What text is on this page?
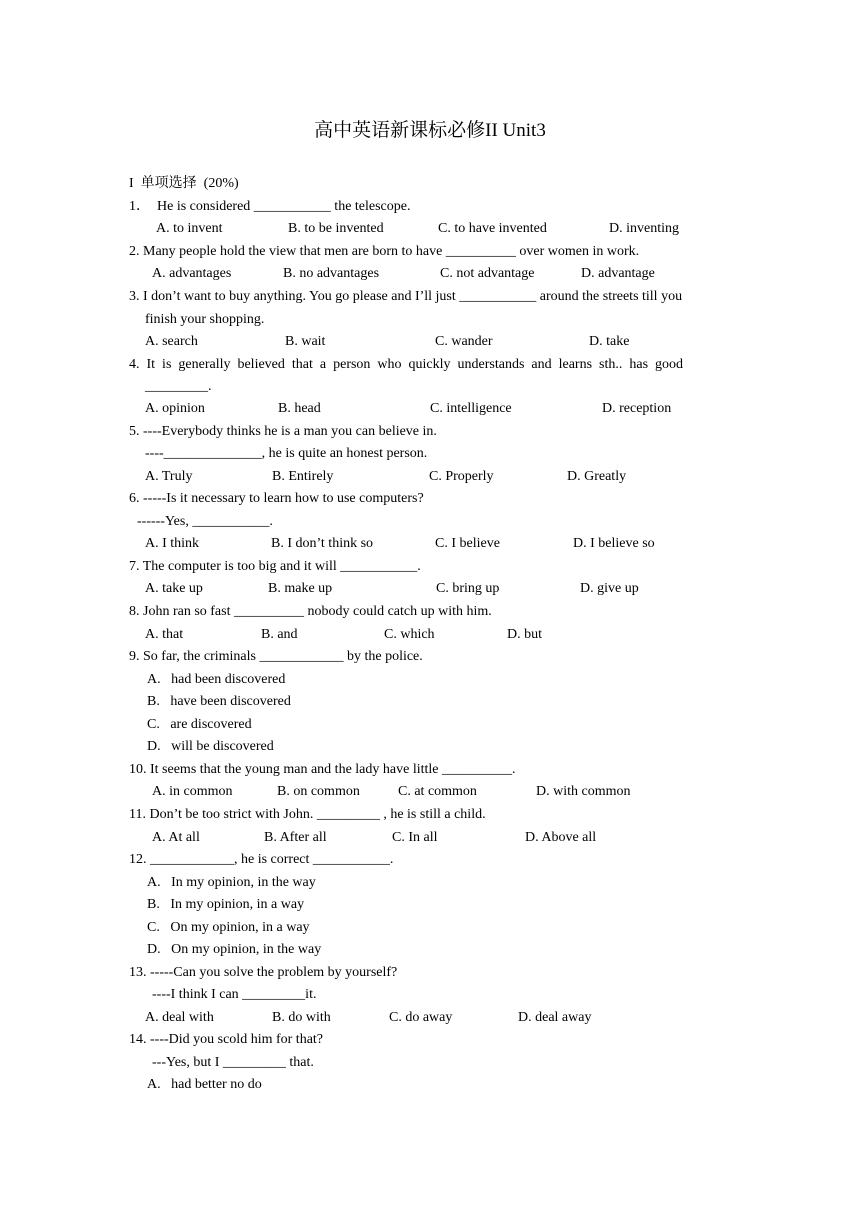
高中英语新课标必修II Unit3
I  单项选择  (20%)
1．  He is considered ___________ the telescope.
A. to invent	B. to be invented	C. to have invented	D. inventing
2. Many people hold the view that men are born to have __________ over women in work.
A. advantages	B. no advantages	C. not advantage	D. advantage
3. I don’t want to buy anything. You go please and I’ll just ___________ around the streets till you
finish your shopping.
A. search	B. wait	C. wander	D. take
4.  It  is  generally  believed  that  a  person  who  quickly  understands  and  learns  sth..  has  good
_________.
A. opinion	B. head	C. intelligence	D. reception
5. ----Everybody thinks he is a man you can believe in.
----______________, he is quite an honest person.
A. Truly	B. Entirely	C. Properly	D. Greatly
6. -----Is it necessary to learn how to use computers?
------Yes, ___________.
A. I think	B. I don’t think so	C. I believe	D. I believe so
7. The computer is too big and it will ___________.
A. take up	B. make up	C. bring up	D. give up
8. John ran so fast __________ nobody could catch up with him.
A. that	B. and	C. which	D. but
9. So far, the criminals ____________ by the police.
A.   had been discovered
B.   have been discovered
C.   are discovered
D.   will be discovered
10. It seems that the young man and the lady have little __________.
A. in common	B. on common	C. at common	D. with common
11. Don’t be too strict with John. _________ , he is still a child.
A. At all	B. After all	C. In all	D. Above all
12. ____________, he is correct ___________.
A.   In my opinion, in the way
B.   In my opinion, in a way
C.   On my opinion, in a way
D.   On my opinion, in the way
13. -----Can you solve the problem by yourself?
----I think I can _________it.
A. deal with	B. do with	C. do away	D. deal away
14. ----Did you scold him for that?
---Yes, but I _________ that.
A.   had better no do
